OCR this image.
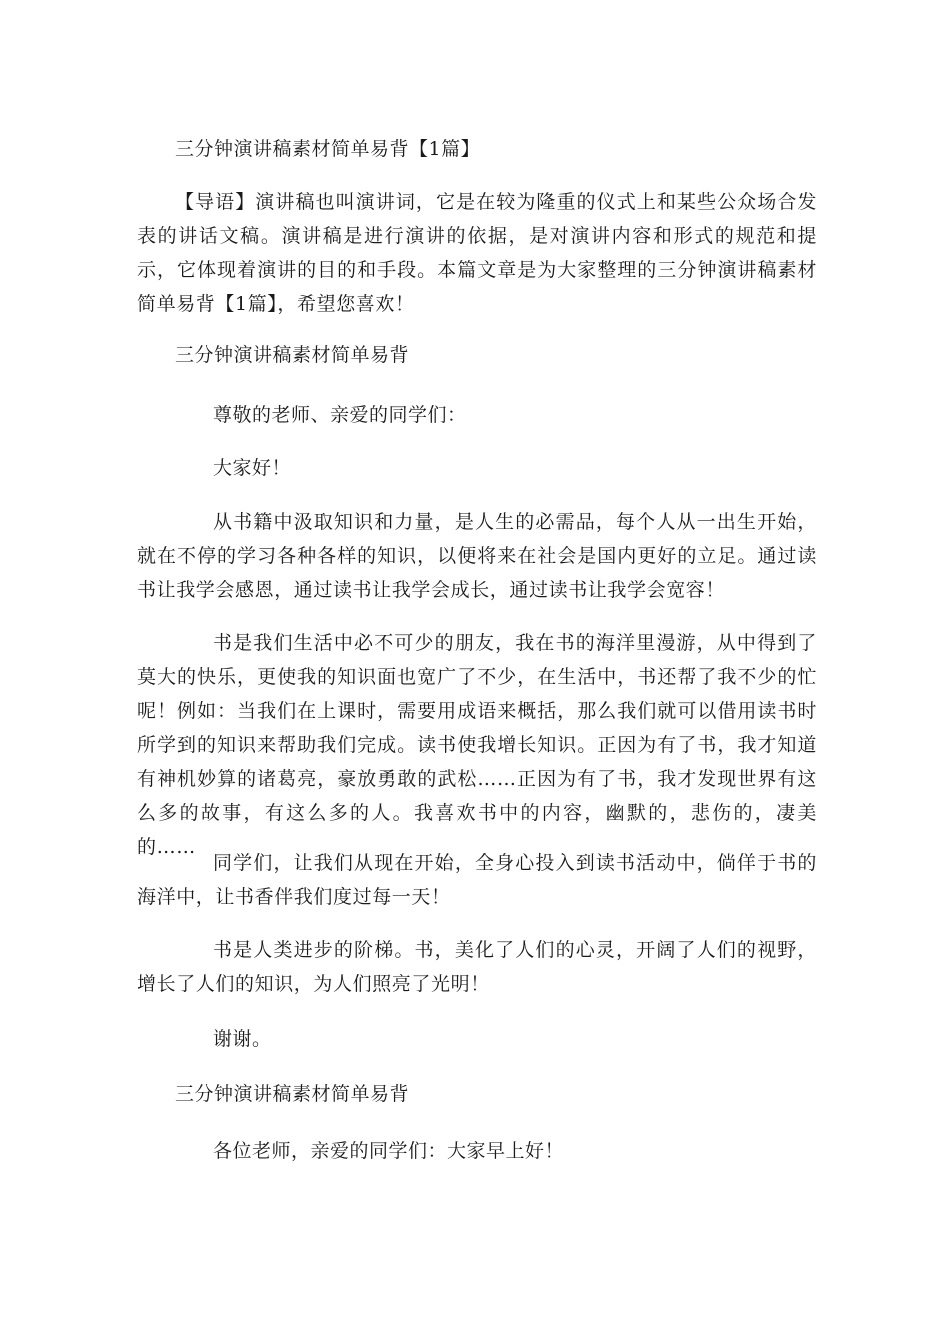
三分钟演讲稿素材简单易背【1篇】
【导语】演讲稿也叫演讲词，它是在较为隆重的仪式上和某些公众场合发表的讲话文稿。演讲稿是进行演讲的依据，是对演讲内容和形式的规范和提示，它体现着演讲的目的和手段。本篇文章是为大家整理的三分钟演讲稿素材简单易背【1篇】，希望您喜欢！
三分钟演讲稿素材简单易背
尊敬的老师、亲爱的同学们：
大家好！
从书籍中汲取知识和力量，是人生的必需品，每个人从一出生开始，就在不停的学习各种各样的知识，以便将来在社会是国内更好的立足。通过读书让我学会感恩，通过读书让我学会成长，通过读书让我学会宽容！
书是我们生活中必不可少的朋友，我在书的海洋里漫游，从中得到了莫大的快乐，更使我的知识面也宽广了不少，在生活中，书还帮了我不少的忙呢！例如：当我们在上课时，需要用成语来概括，那么我们就可以借用读书时所学到的知识来帮助我们完成。读书使我增长知识。正因为有了书，我才知道有神机妙算的诸葛亮，豪放勇敢的武松……正因为有了书，我才发现世界有这么多的故事，有这么多的人。我喜欢书中的内容，幽默的，悲伤的，凄美的……
同学们，让我们从现在开始，全身心投入到读书活动中，倘佯于书的海洋中，让书香伴我们度过每一天！
书是人类进步的阶梯。书，美化了人们的心灵，开阔了人们的视野，增长了人们的知识，为人们照亮了光明！
谢谢。
三分钟演讲稿素材简单易背
各位老师，亲爱的同学们：大家早上好！
